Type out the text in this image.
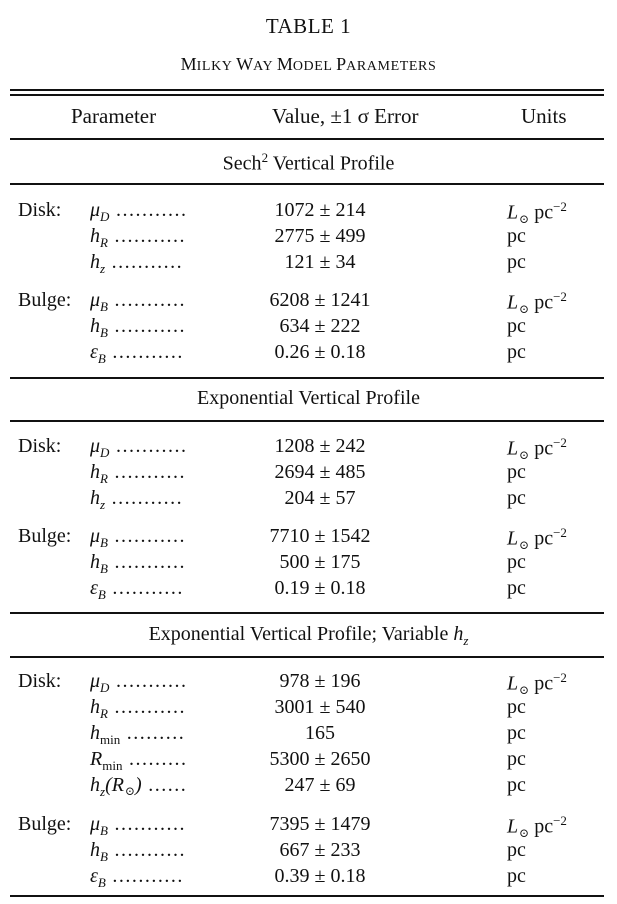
TABLE 1
MILKY WAY MODEL PARAMETERS
Parameter	Value, ±1 σ Error	Units
Sech$^2$ Vertical Profile
Disk: $\mu_D$ ...........	1072 ± 214	L⊙ $pc^{-2}$
$h_R$ ...........	2775 ± 499	pc
$h_z$ ...........	121 ± 34	pc
Bulge: $\mu_B$ ...........	6208 ± 1241	L⊙ $pc^{-2}$
$h_B$ ...........	634 ± 222	pc
$\varepsilon_B$ ...........	0.26 ± 0.18	pc
Exponential Vertical Profile
Disk: $\mu_D$ ...........	1208 ± 242	L⊙ $pc^{-2}$
$h_R$ ...........	2694 ± 485	pc
$h_z$ ...........	204 ± 57	pc
Bulge: $\mu_B$ ...........	7710 ± 1542	L⊙ $pc^{-2}$
$h_B$ ...........	500 ± 175	pc
$\varepsilon_B$ ...........	0.19 ± 0.18	pc
Exponential Vertical Profile; Variable $h_z$
Disk: $\mu_D$ ...........	978 ± 196	L⊙ $pc^{-2}$
$h_R$ ...........	3001 ± 540	pc
$h_{min}$ .........	165	pc
$R_{min}$ .........	5300 ± 2650	pc
$h_z(R⊙)$ ......	247 ± 69	pc
Bulge: $\mu_B$ ...........	7395 ± 1479	L⊙ $pc^{-2}$
$h_B$ ...........	667 ± 233	pc
$\varepsilon_B$ ...........	0.39 ± 0.18	pc
